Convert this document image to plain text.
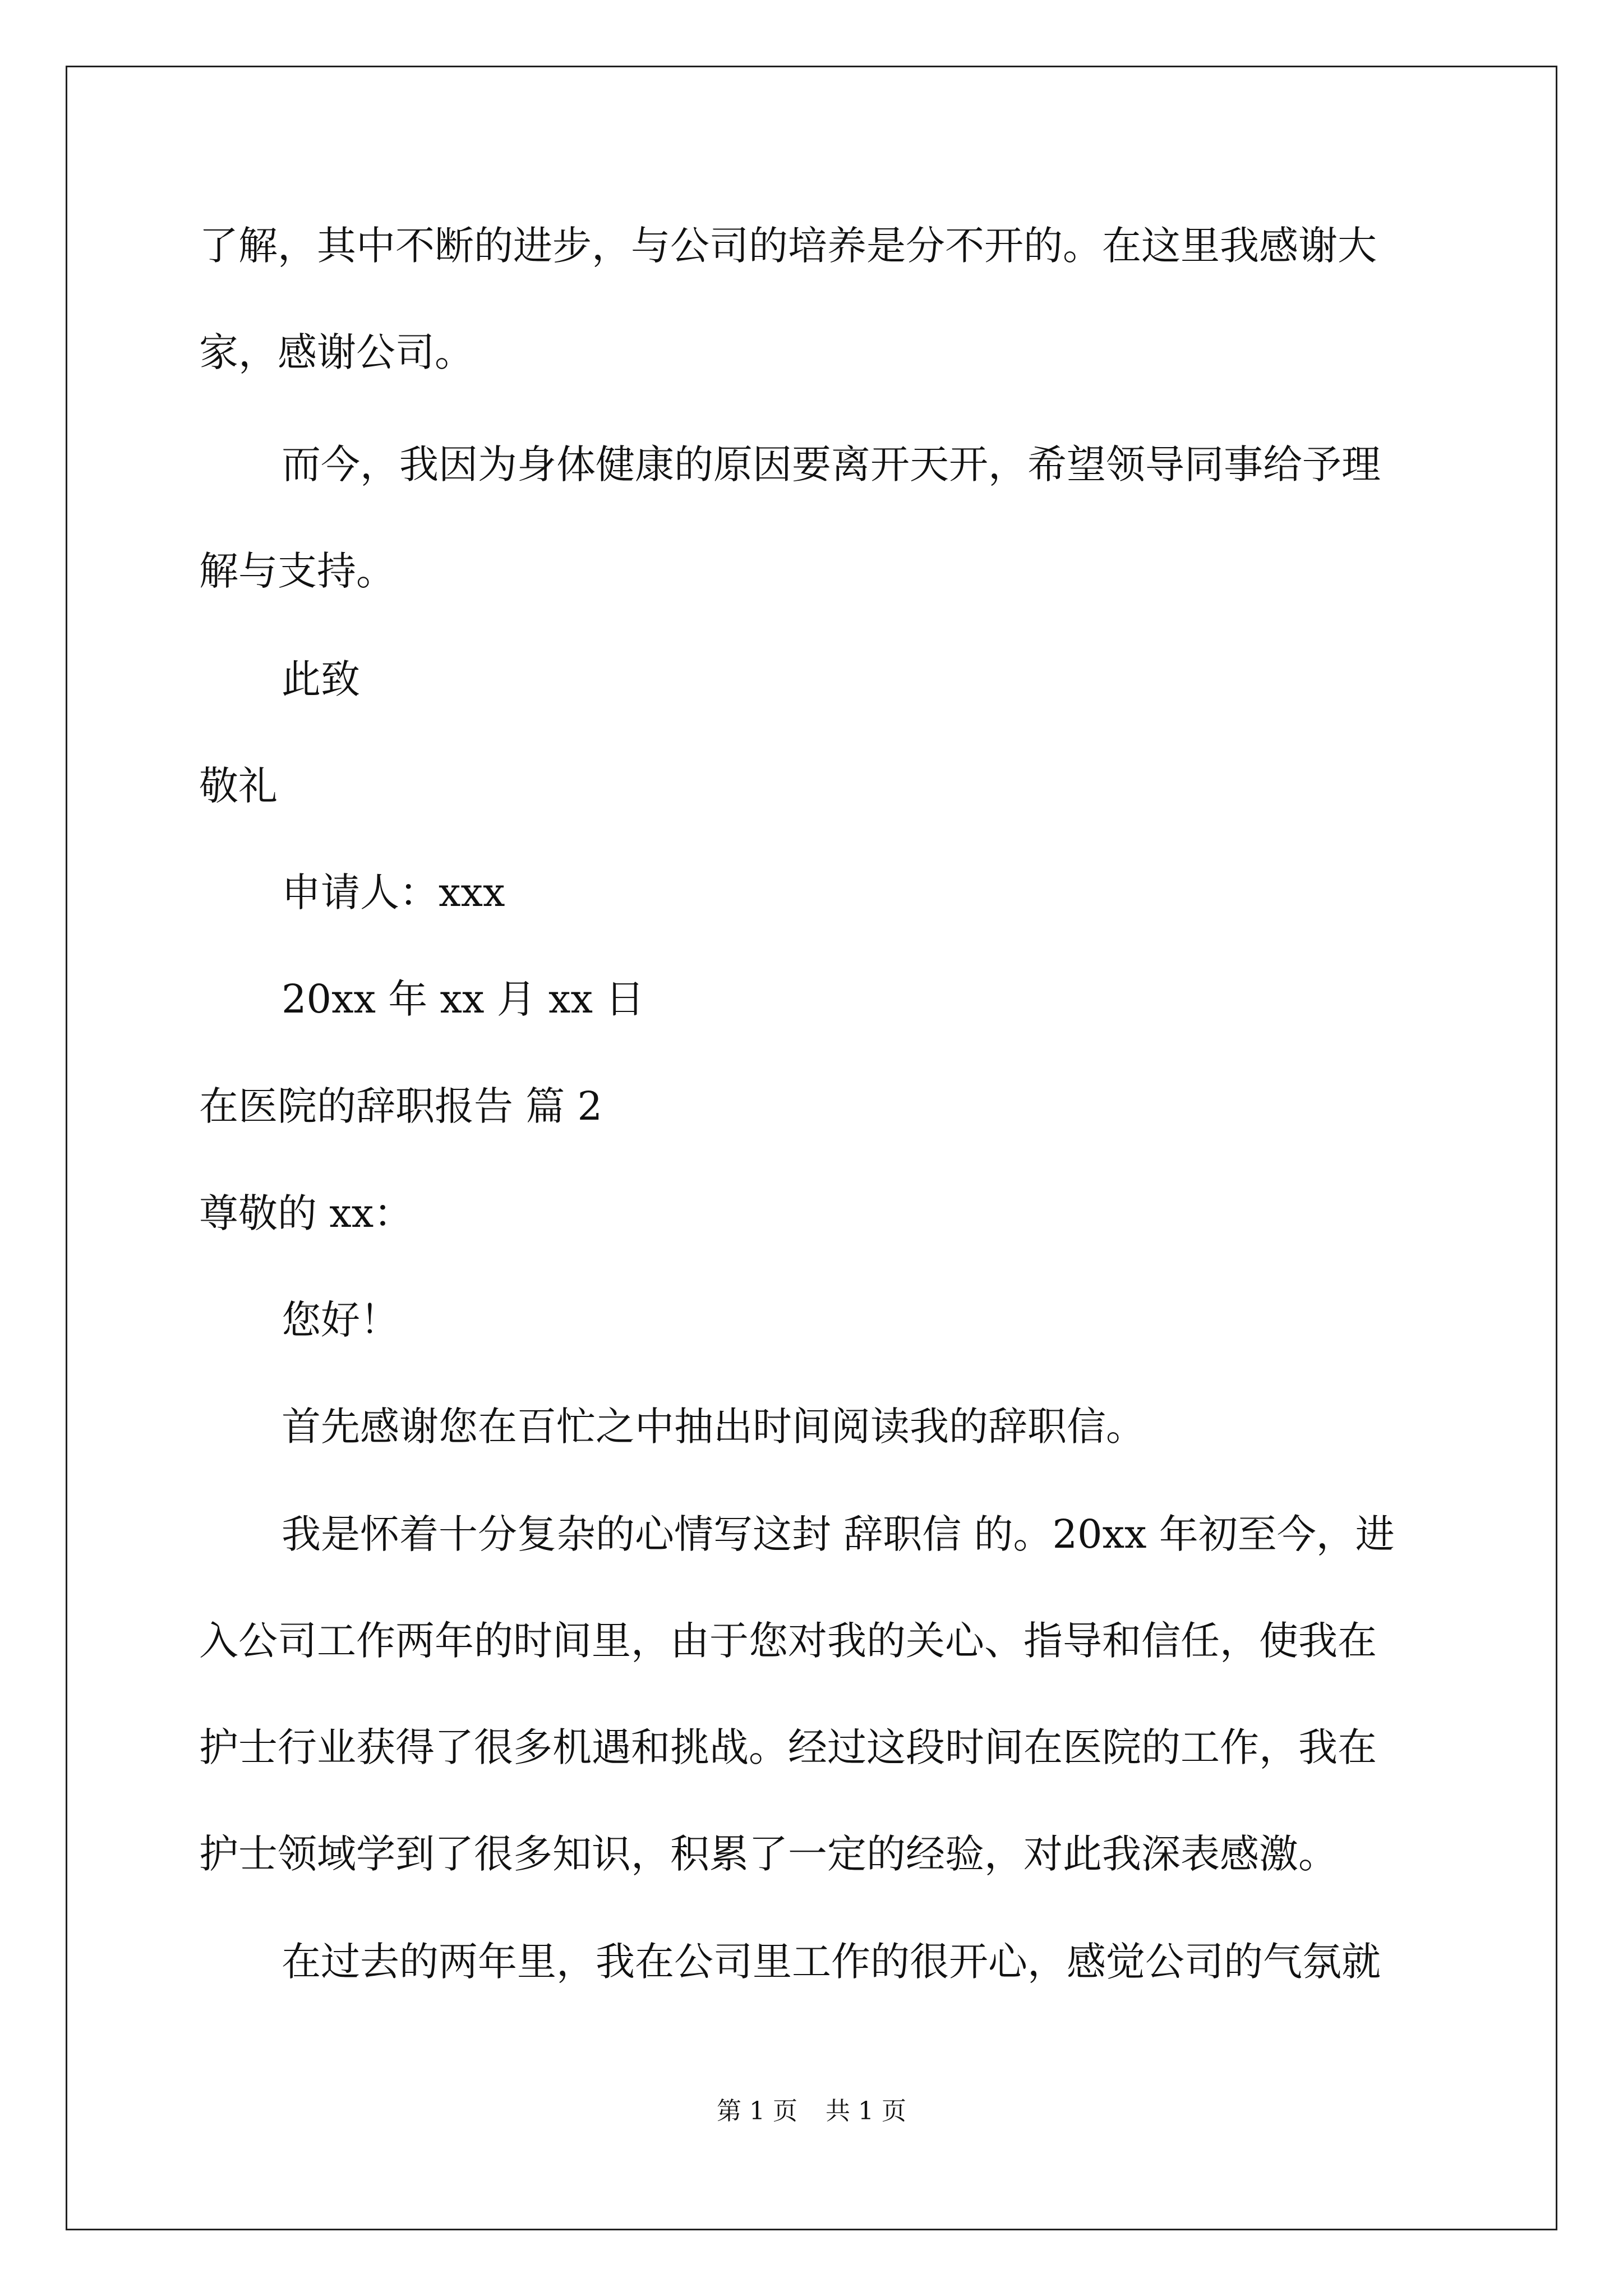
了解，其中不断的进步，与公司的培养是分不开的。在这里我感谢大
家，感谢公司。
而今，我因为身体健康的原因要离开天开，希望领导同事给予理
解与支持。
此致
敬礼
申请人：xxx
20xx 年 xx 月 xx 日
在医院的辞职报告 篇 2
尊敬的 xx：
您好！
首先感谢您在百忙之中抽出时间阅读我的辞职信。
我是怀着十分复杂的心情写这封 辞职信 的。20xx 年初至今，进
入公司工作两年的时间里，由于您对我的关心、指导和信任，使我在
护士行业获得了很多机遇和挑战。经过这段时间在医院的工作，我在
护士领域学到了很多知识，积累了一定的经验，对此我深表感激。
在过去的两年里，我在公司里工作的很开心，感觉公司的气氛就
第 1 页 共 1 页
